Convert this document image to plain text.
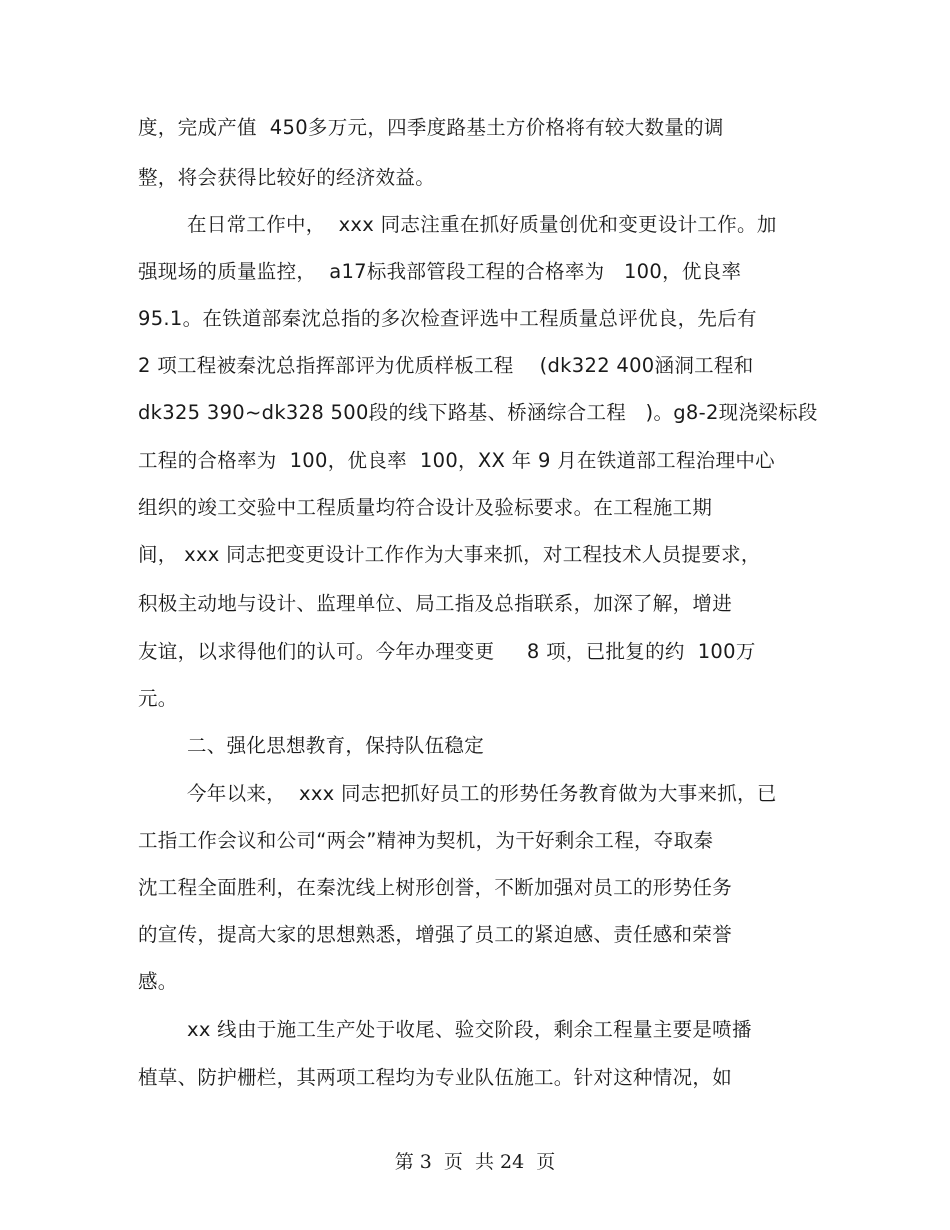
度，完成产值  450多万元，四季度路基土方价格将有较大数量的调
整，将会获得比较好的经济效益。
在日常工作中，  xxx 同志注重在抓好质量创优和变更设计工作。加
强现场的质量监控，  a17标我部管段工程的合格率为   100，优良率
95.1。在铁道部秦沈总指的多次检查评选中工程质量总评优良，先后有
2 项工程被秦沈总指挥部评为优质样板工程    (dk322 400涵洞工程和
dk325 390~dk328 500段的线下路基、桥涵综合工程   )。g8-2现浇梁标段
工程的合格率为  100，优良率  100，XX 年 9 月在铁道部工程治理中心
组织的竣工交验中工程质量均符合设计及验标要求。在工程施工期
间， xxx 同志把变更设计工作作为大事来抓，对工程技术人员提要求，
积极主动地与设计、监理单位、局工指及总指联系，加深了解，增进
友谊，以求得他们的认可。今年办理变更     8 项，已批复的约  100万
元。
二、强化思想教育，保持队伍稳定
今年以来，  xxx 同志把抓好员工的形势任务教育做为大事来抓，已
工指工作会议和公司“两会”精神为契机，为干好剩余工程，夺取秦
沈工程全面胜利，在秦沈线上树形创誉，不断加强对员工的形势任务
的宣传，提高大家的思想熟悉，增强了员工的紧迫感、责任感和荣誉
感。
xx 线由于施工生产处于收尾、验交阶段，剩余工程量主要是喷播
植草、防护栅栏，其两项工程均为专业队伍施工。针对这种情况，如
第 3  页  共 24  页
